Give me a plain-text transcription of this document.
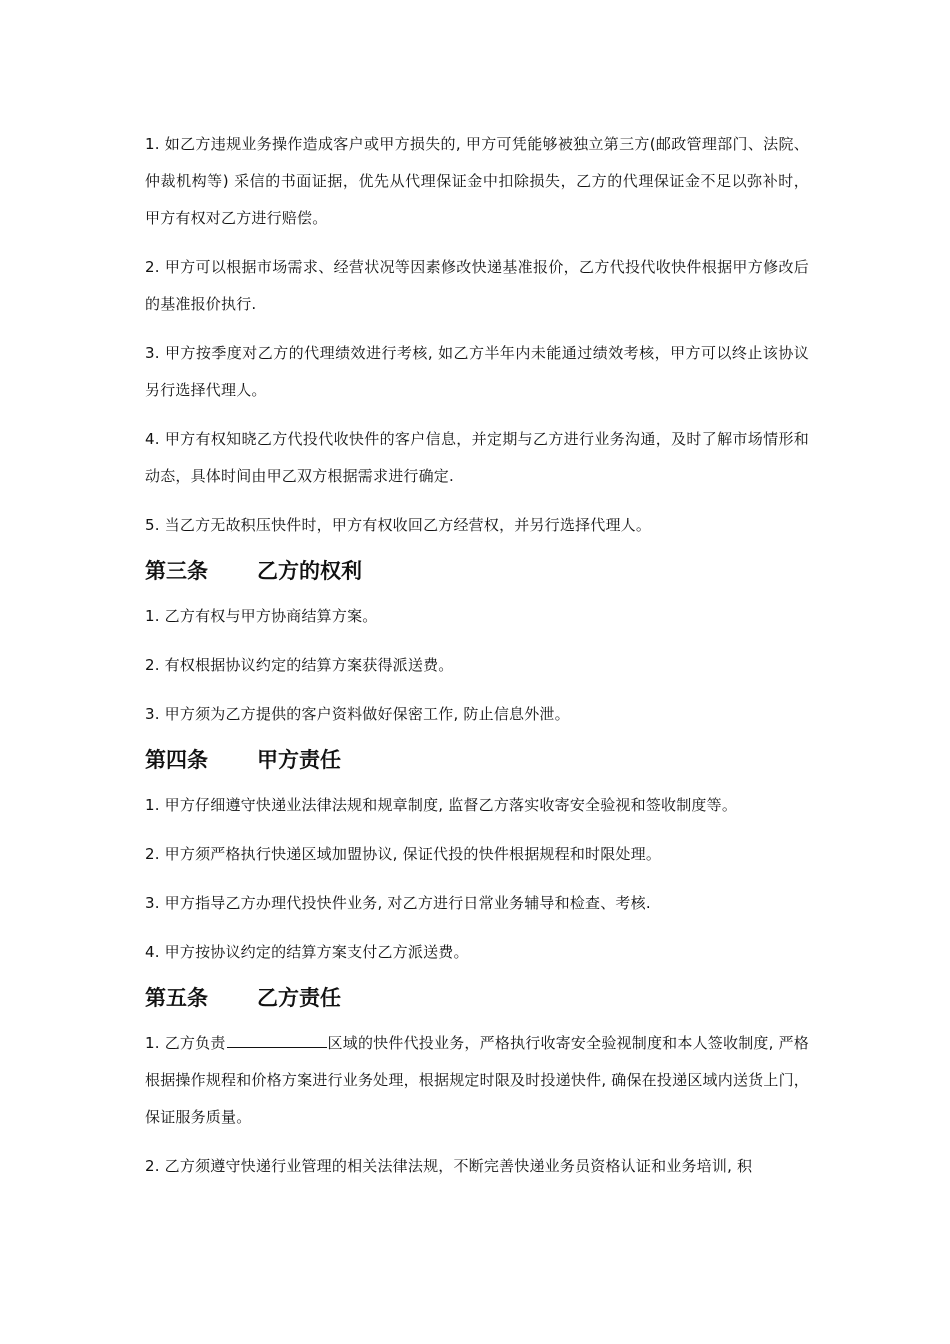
1. 如乙方违规业务操作造成客户或甲方损失的, 甲方可凭能够被独立第三方(邮政管理部门、法院、仲裁机构等) 采信的书面证据，优先从代理保证金中扣除损失，乙方的代理保证金不足以弥补时，甲方有权对乙方进行赔偿。

2. 甲方可以根据市场需求、经营状况等因素修改快递基准报价，乙方代投代收快件根据甲方修改后的基准报价执行.

3. 甲方按季度对乙方的代理绩效进行考核, 如乙方半年内未能通过绩效考核，甲方可以终止该协议另行选择代理人。

4. 甲方有权知晓乙方代投代收快件的客户信息，并定期与乙方进行业务沟通，及时了解市场情形和动态，具体时间由甲乙双方根据需求进行确定.

5. 当乙方无故积压快件时，甲方有权收回乙方经营权，并另行选择代理人。

第三条 乙方的权利

1. 乙方有权与甲方协商结算方案。

2. 有权根据协议约定的结算方案获得派送费。

3. 甲方须为乙方提供的客户资料做好保密工作, 防止信息外泄。

第四条 甲方责任

1. 甲方仔细遵守快递业法律法规和规章制度, 监督乙方落实收寄安全验视和签收制度等。

2. 甲方须严格执行快递区域加盟协议, 保证代投的快件根据规程和时限处理。

3. 甲方指导乙方办理代投快件业务, 对乙方进行日常业务辅导和检查、考核.

4. 甲方按协议约定的结算方案支付乙方派送费。

第五条 乙方责任

1. 乙方负责	区域的快件代投业务，严格执行收寄安全验视制度和本人签收制度, 严格根据操作规程和价格方案进行业务处理，根据规定时限及时投递快件, 确保在投递区域内送货上门，保证服务质量。

2. 乙方须遵守快递行业管理的相关法律法规，不断完善快递业务员资格认证和业务培训, 积
